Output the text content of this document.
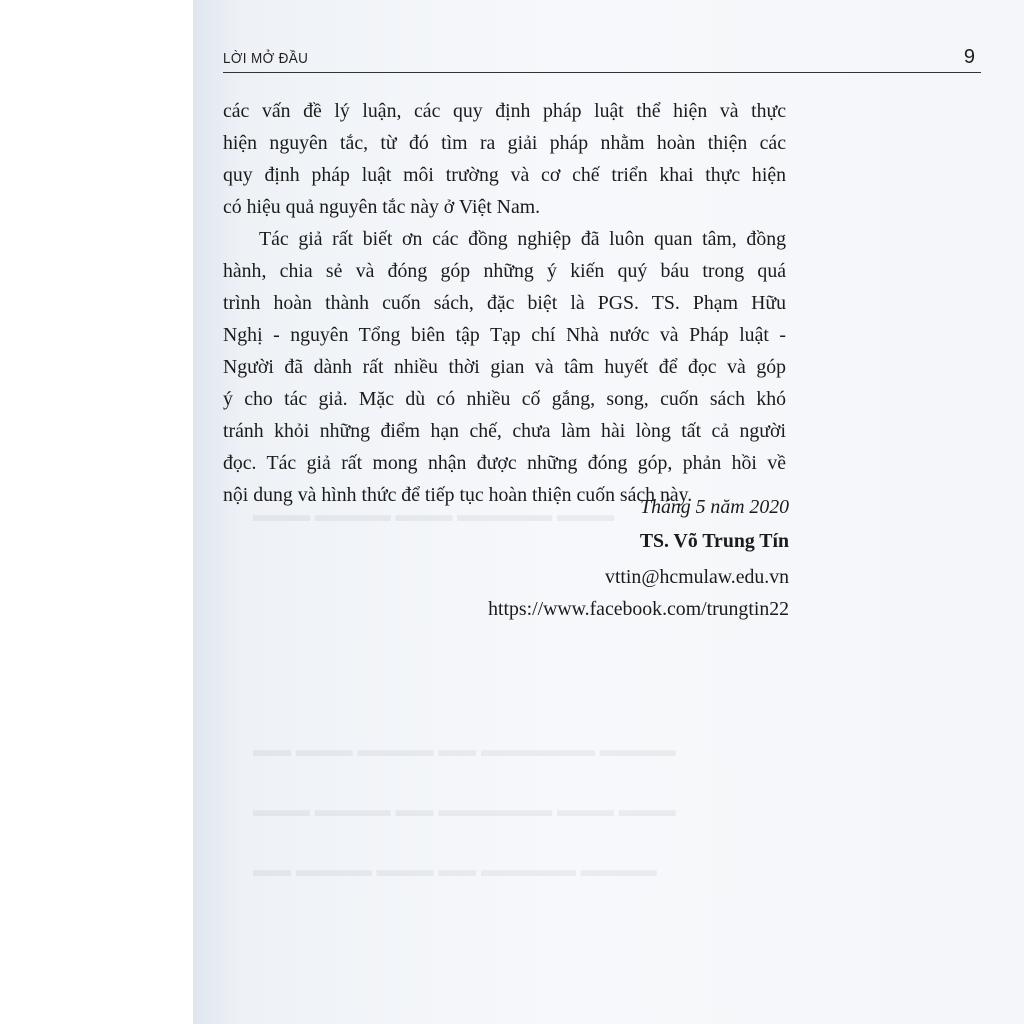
▬▬▬ ▬▬▬▬ ▬▬▬ ▬▬▬▬▬ ▬▬▬
▬▬ ▬▬▬ ▬▬▬▬ ▬▬ ▬▬▬▬▬▬ ▬▬▬▬
▬▬▬ ▬▬▬▬ ▬▬ ▬▬▬▬▬▬ ▬▬▬ ▬▬▬
▬▬ ▬▬▬▬ ▬▬▬ ▬▬ ▬▬▬▬▬ ▬▬▬▬
LỜI MỞ ĐẦU	9
các vấn đề lý luận, các quy định pháp luật thể hiện và thực
hiện nguyên tắc, từ đó tìm ra giải pháp nhằm hoàn thiện các
quy định pháp luật môi trường và cơ chế triển khai thực hiện
có hiệu quả nguyên tắc này ở Việt Nam.
Tác giả rất biết ơn các đồng nghiệp đã luôn quan tâm, đồng
hành, chia sẻ và đóng góp những ý kiến quý báu trong quá
trình hoàn thành cuốn sách, đặc biệt là PGS. TS. Phạm Hữu
Nghị - nguyên Tổng biên tập Tạp chí Nhà nước và Pháp luật -
Người đã dành rất nhiều thời gian và tâm huyết để đọc và góp
ý cho tác giả. Mặc dù có nhiều cố gắng, song, cuốn sách khó
tránh khỏi những điểm hạn chế, chưa làm hài lòng tất cả người
đọc. Tác giả rất mong nhận được những đóng góp, phản hồi về
nội dung và hình thức để tiếp tục hoàn thiện cuốn sách này.
Tháng 5 năm 2020
TS. Võ Trung Tín
vttin@hcmulaw.edu.vn
https://www.facebook.com/trungtin22
